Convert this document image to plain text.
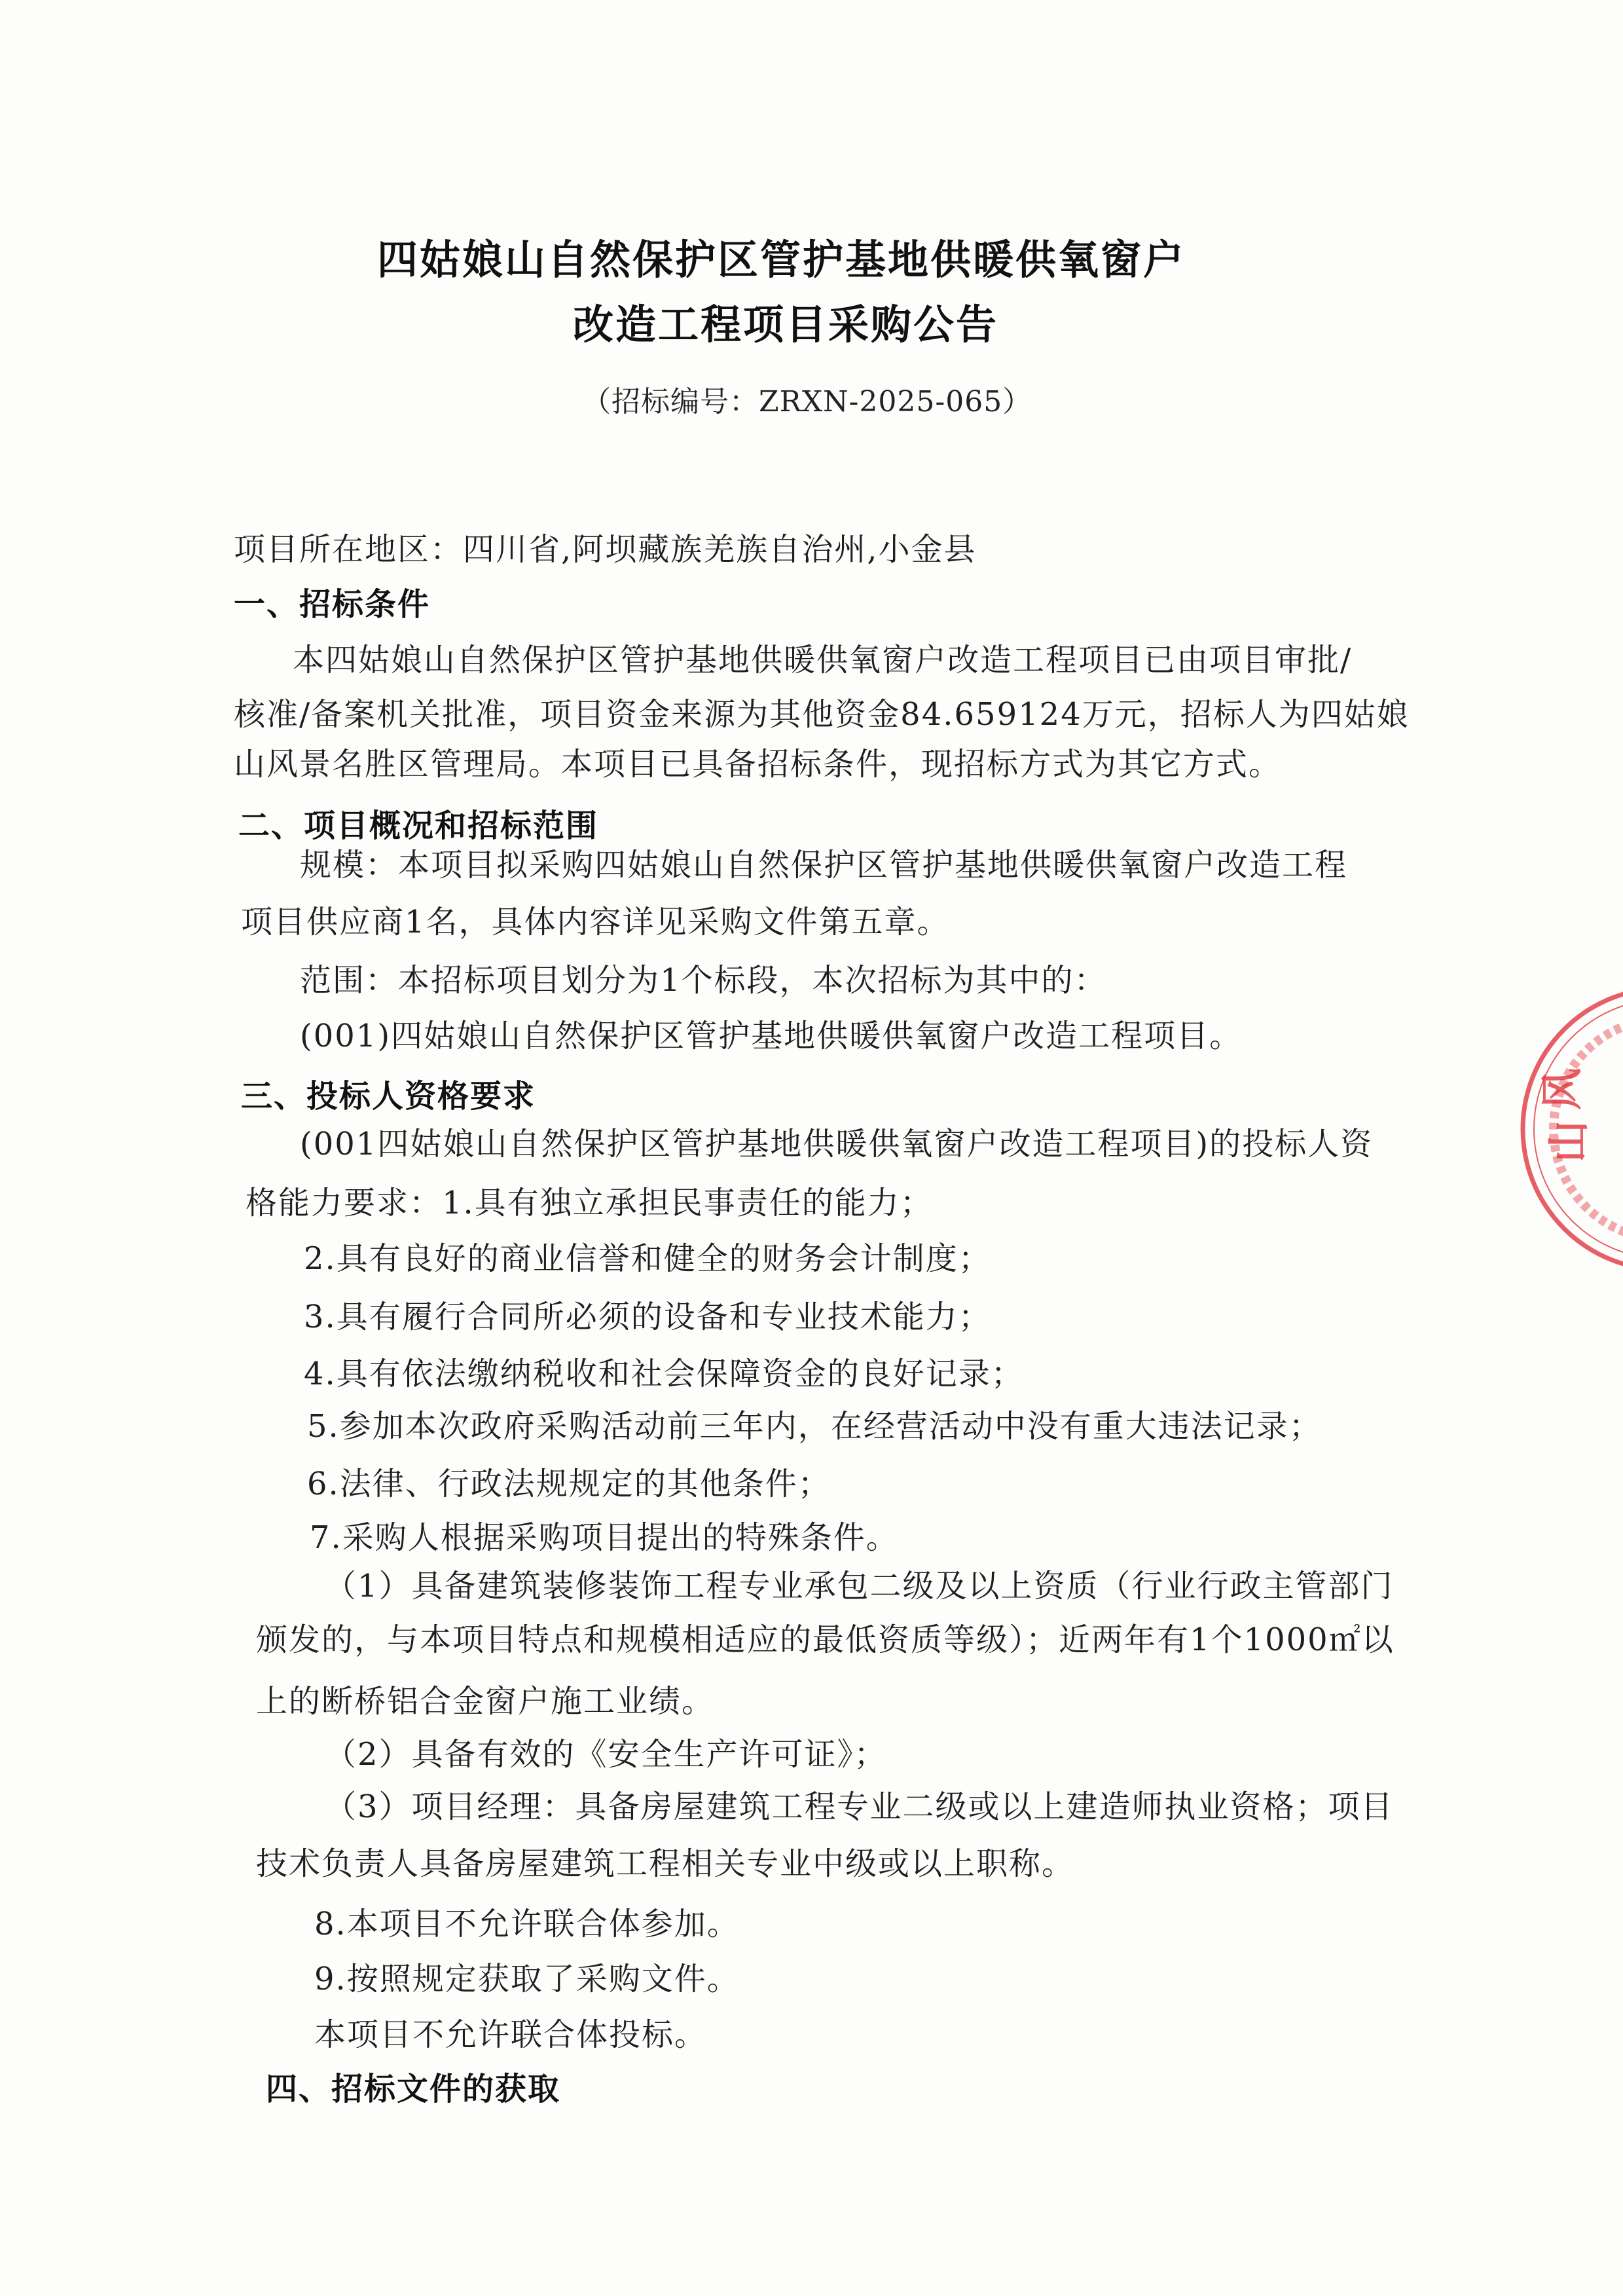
四姑娘山自然保护区管护基地供暖供氧窗户
改造工程项目采购公告
（招标编号：ZRXN-2025-065）
项目所在地区：四川省,阿坝藏族羌族自治州,小金县
一、招标条件
本四姑娘山自然保护区管护基地供暖供氧窗户改造工程项目已由项目审批/
核准/备案机关批准，项目资金来源为其他资金84.659124万元，招标人为四姑娘
山风景名胜区管理局。本项目已具备招标条件，现招标方式为其它方式。
二、项目概况和招标范围
规模：本项目拟采购四姑娘山自然保护区管护基地供暖供氧窗户改造工程
项目供应商1名，具体内容详见采购文件第五章。
范围：本招标项目划分为1个标段，本次招标为其中的：
(001)四姑娘山自然保护区管护基地供暖供氧窗户改造工程项目。
三、投标人资格要求
(001四姑娘山自然保护区管护基地供暖供氧窗户改造工程项目)的投标人资
格能力要求：1.具有独立承担民事责任的能力；
2.具有良好的商业信誉和健全的财务会计制度；
3.具有履行合同所必须的设备和专业技术能力；
4.具有依法缴纳税收和社会保障资金的良好记录；
5.参加本次政府采购活动前三年内，在经营活动中没有重大违法记录；
6.法律、行政法规规定的其他条件；
7.采购人根据采购项目提出的特殊条件。
（1）具备建筑装修装饰工程专业承包二级及以上资质（行业行政主管部门
颁发的，与本项目特点和规模相适应的最低资质等级）；近两年有1个1000㎡以
上的断桥铝合金窗户施工业绩。
（2）具备有效的《安全生产许可证》；
（3）项目经理：具备房屋建筑工程专业二级或以上建造师执业资格；项目
技术负责人具备房屋建筑工程相关专业中级或以上职称。
8.本项目不允许联合体参加。
9.按照规定获取了采购文件。
本项目不允许联合体投标。
四、招标文件的获取
风
山
